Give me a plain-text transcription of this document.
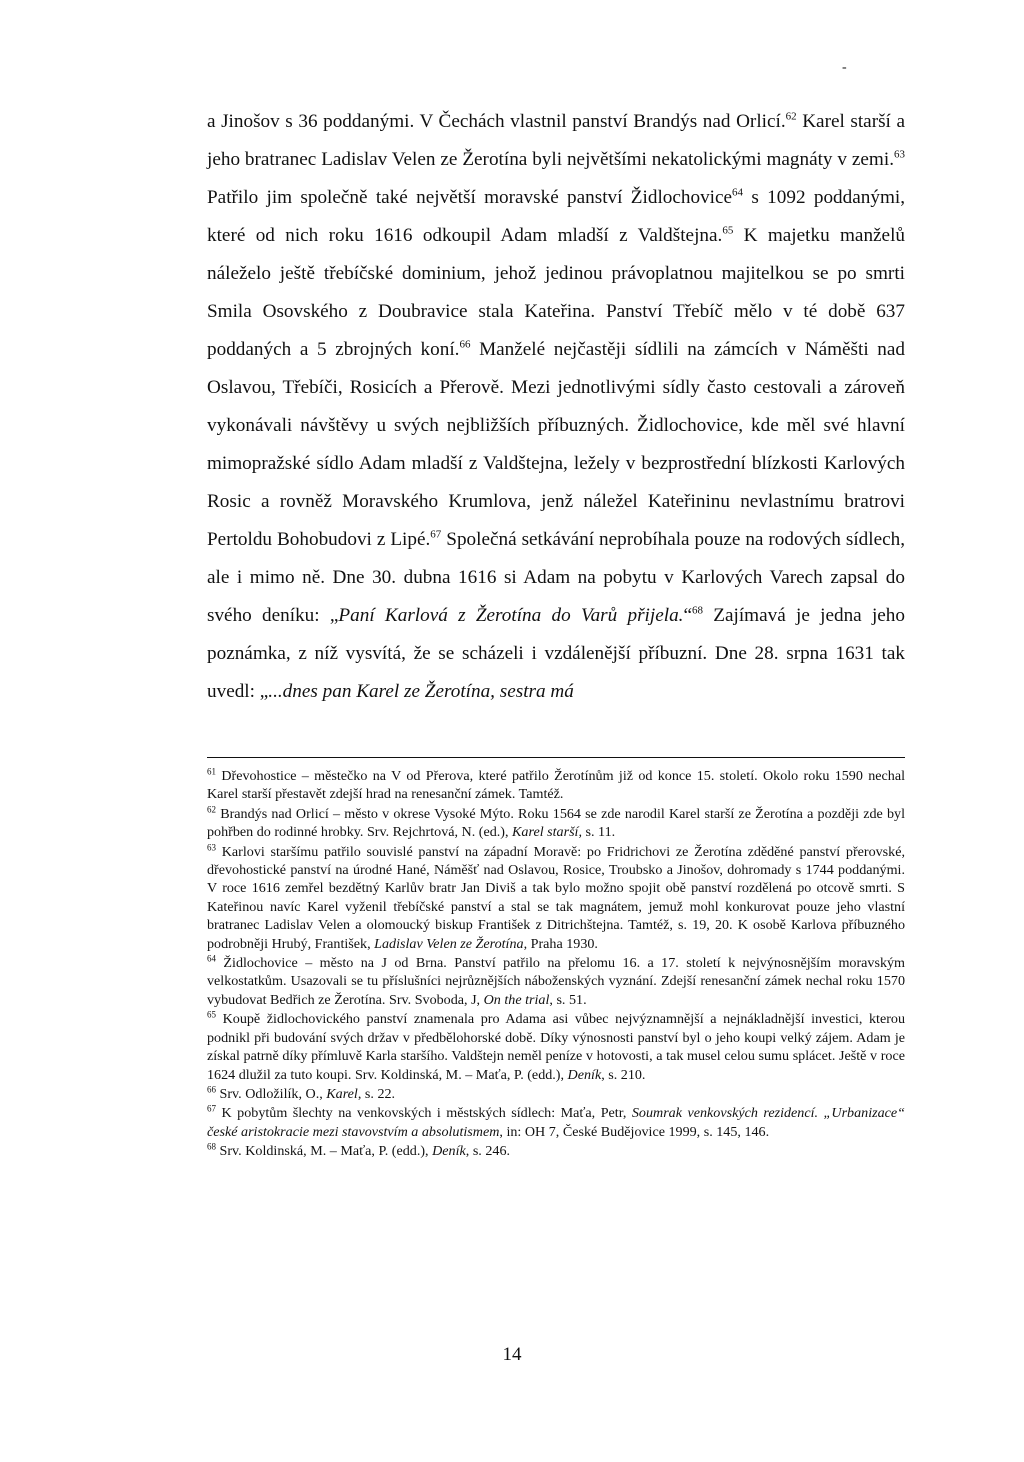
-

a Jinošov s 36 poddanými. V Čechách vlastnil panství Brandýs nad Orlicí.$^{62}$ Karel starší a jeho bratranec Ladislav Velen ze Žerotína byli největšími nekatolickými magnáty v zemi.$^{63}$ Patřilo jim společně také největší moravské panství Židlochovice$^{64}$ s 1092 poddanými, které od nich roku 1616 odkoupil Adam mladší z Valdštejna.$^{65}$ K majetku manželů náleželo ještě třebíčské dominium, jehož jedinou právoplatnou majitelkou se po smrti Smila Osovského z Doubravice stala Kateřina. Panství Třebíč mělo v té době 637 poddaných a 5 zbrojných koní.$^{66}$ Manželé nejčastěji sídlili na zámcích v Náměšti nad Oslavou, Třebíči, Rosicích a Přerově. Mezi jednotlivými sídly často cestovali a zároveň vykonávali návštěvy u svých nejbližších příbuzných. Židlochovice, kde měl své hlavní mimopražské sídlo Adam mladší z Valdštejna, ležely v bezprostřední blízkosti Karlových Rosic a rovněž Moravského Krumlova, jenž náležel Kateřininu nevlastnímu bratrovi Pertoldu Bohobudovi z Lipé.$^{67}$ Společná setkávání neprobíhala pouze na rodových sídlech, ale i mimo ně. Dne 30. dubna 1616 si Adam na pobytu v Karlových Varech zapsal do svého deníku: „Paní Karlová z Žerotína do Varů přijela.“$^{68}$ Zajímavá je jedna jeho poznámka, z níž vysvítá, že se scházeli i vzdálenější příbuzní. Dne 28. srpna 1631 tak uvedl: „...dnes pan Karel ze Žerotína, sestra má

$^{61}$ Dřevohostice – městečko na V od Přerova, které patřilo Žerotínům již od konce 15. století. Okolo roku 1590 nechal Karel starší přestavět zdejší hrad na renesanční zámek. Tamtéž.

$^{62}$ Brandýs nad Orlicí – město v okrese Vysoké Mýto. Roku 1564 se zde narodil Karel starší ze Žerotína a později zde byl pohřben do rodinné hrobky. Srv. Rejchrtová, N. (ed.), Karel starší, s. 11.

$^{63}$ Karlovi staršímu patřilo souvislé panství na západní Moravě: po Fridrichovi ze Žerotína zděděné panství přerovské, dřevohostické panství na úrodné Hané, Náměšť nad Oslavou, Rosice, Troubsko a Jinošov, dohromady s 1744 poddanými. V roce 1616 zemřel bezdětný Karlův bratr Jan Diviš a tak bylo možno spojit obě panství rozdělená po otcově smrti. S Kateřinou navíc Karel vyženil třebíčské panství a stal se tak magnátem, jemuž mohl konkurovat pouze jeho vlastní bratranec Ladislav Velen a olomoucký biskup František z Ditrichštejna. Tamtéž, s. 19, 20. K osobě Karlova příbuzného podrobněji Hrubý, František, Ladislav Velen ze Žerotína, Praha 1930.

$^{64}$ Židlochovice – město na J od Brna. Panství patřilo na přelomu 16. a 17. století k nejvýnosnějším moravským velkostatkům. Usazovali se tu příslušníci nejrůznějších náboženských vyznání. Zdejší renesanční zámek nechal roku 1570 vybudovat Bedřich ze Žerotína. Srv. Svoboda, J, On the trial, s. 51.

$^{65}$ Koupě židlochovického panství znamenala pro Adama asi vůbec nejvýznamnější a nejnákladnější investici, kterou podnikl při budování svých držav v předbělohorské době. Díky výnosnosti panství byl o jeho koupi velký zájem. Adam je získal patrně díky přímluvě Karla staršího. Valdštejn neměl peníze v hotovosti, a tak musel celou sumu splácet. Ještě v roce 1624 dlužil za tuto koupi. Srv. Koldinská, M. – Maťa, P. (edd.), Deník, s. 210.

$^{66}$ Srv. Odložilík, O., Karel, s. 22.

$^{67}$ K pobytům šlechty na venkovských i městských sídlech: Maťa, Petr, Soumrak venkovských rezidencí. „Urbanizace“ české aristokracie mezi stavovstvím a absolutismem, in: OH 7, České Budějovice 1999, s. 145, 146.

$^{68}$ Srv. Koldinská, M. – Maťa, P. (edd.), Deník, s. 246.

14
